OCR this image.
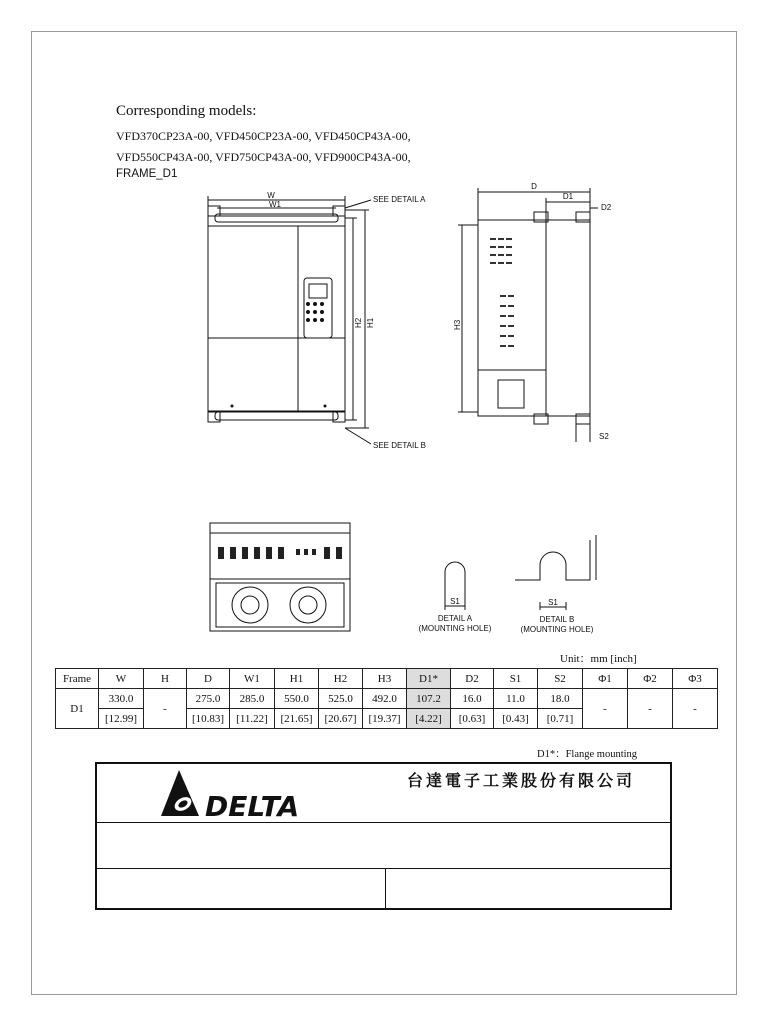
Corresponding models:
VFD370CP23A-00, VFD450CP23A-00, VFD450CP43A-00,
VFD550CP43A-00, VFD750CP43A-00, VFD900CP43A-00,
FRAME_D1
W
W1
SEE DETAIL A
SEE DETAIL B
H2 H1
D
D1
D2
S2
H3
S1
DETAIL A
(MOUNTING HOLE)
S1
DETAIL B
(MOUNTING HOLE)
Unit：mm [inch]
Frame	W	H	D	W1	H1	H2	H3	D1*	D2	S1	S2	Φ1	Φ2	Φ3
D1	330.0	-	275.0	285.0	550.0	525.0	492.0	107.2	16.0	11.0	18.0	-	-	-
	[12.99]		[10.83]	[11.22]	[21.65]	[20.67]	[19.37]	[4.22]	[0.63]	[0.43]	[0.71]			
D1*：Flange mounting
DELTA
台達電子工業股份有限公司
